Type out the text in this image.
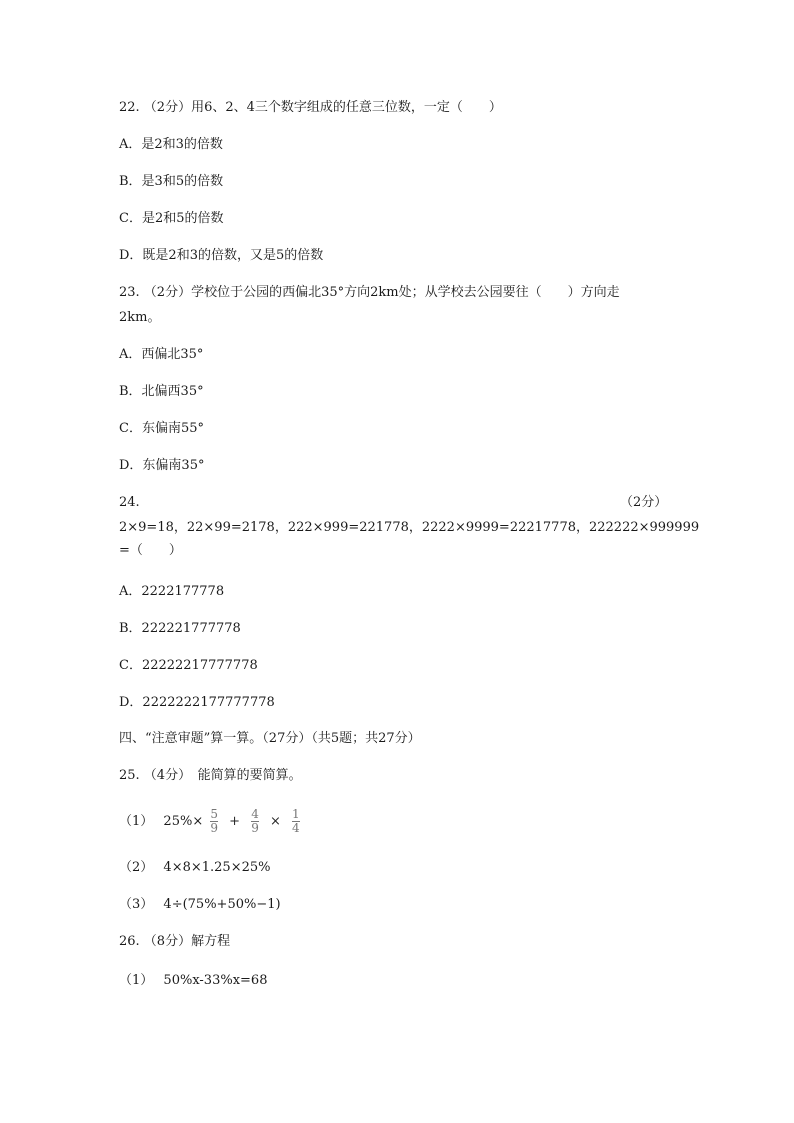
22. （2分）用6、2、4三个数字组成的任意三位数，一定（　　）
A．是2和3的倍数
B．是3和5的倍数
C．是2和5的倍数
D．既是2和3的倍数，又是5的倍数
23. （2分）学校位于公园的西偏北35°方向2km处；从学校去公园要往（　　）方向走
2km。
A．西偏北35°
B．北偏西35°
C．东偏南55°
D．东偏南35°
24.	（2分）
2×9=18，22×99=2178，222×999=221778，2222×9999=22217778，222222×999999
=（　　）
A．2222177778
B．222221777778
C．22222217777778
D．2222222177777778
四、“注意审题”算一算。（27分）（共5题；共27分）
25. （4分）　能简算的要简算。
（1） $25\%\times \frac{5}{9} + \frac{4}{9} \times \frac{1}{4}$
（2） 4×8×1.25×25%
（3） 4÷(75%+50%−1)
26. （8分）解方程
（1） 50%x-33%x=68
